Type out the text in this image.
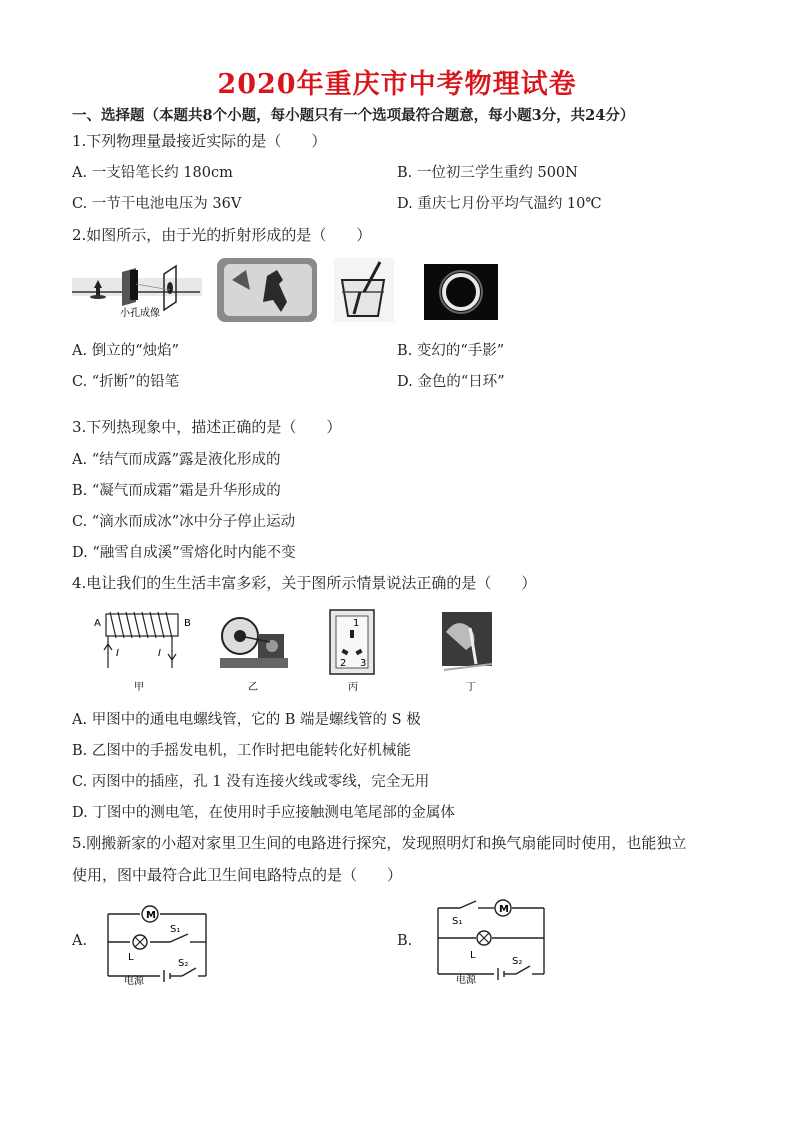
2020年重庆市中考物理试卷
一、选择题（本题共8个小题，每小题只有一个选项最符合题意，每小题3分，共24分）
1.下列物理量最接近实际的是（　　）
A. 一支铅笔长约 180cm	B. 一位初三学生重约 500N
C. 一节干电池电压为 36V	D. 重庆七月份平均气温约 10℃
2.如图所示，由于光的折射形成的是（　　）
小孔成像
A. 倒立的“烛焰”	B. 变幻的“手影”
C. “折断”的铅笔	D. 金色的“日环”
3.下列热现象中，描述正确的是（　　）
A. “结气而成露”露是液化形成的
B. “凝气而成霜”霜是升华形成的
C. “滴水而成冰”冰中分子停止运动
D. “融雪自成溪”雪熔化时内能不变
4.电让我们的生生活丰富多彩，关于图所示情景说法正确的是（　　）
A	B
I	I
甲	乙
1
2 3
丙	丁
A. 甲图中的通电电螺线管，它的 B 端是螺线管的 S 极
B. 乙图中的手摇发电机，工作时把电能转化好机械能
C. 丙图中的插座，孔 1 没有连接火线或零线，完全无用
D. 丁图中的测电笔，在使用时手应接触测电笔尾部的金属体
5.刚搬新家的小超对家里卫生间的电路进行探究，发现照明灯和换气扇能同时使用，也能独立
使用，图中最符合此卫生间电路特点的是（　　）
A.
M
L
S₁
S₂
电源
B.
M
S₁
L
S₂
电源
